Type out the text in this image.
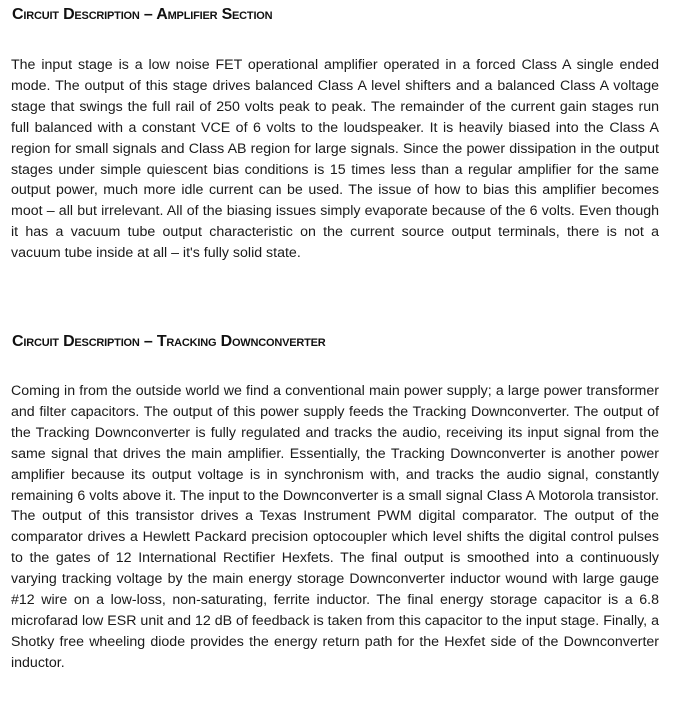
Circuit Description – Amplifier Section

The input stage is a low noise FET operational amplifier operated in a forced Class A single ended mode. The output of this stage drives balanced Class A level shifters and a balanced Class A voltage stage that swings the full rail of 250 volts peak to peak. The remainder of the current gain stages run full balanced with a constant VCE of 6 volts to the loudspeaker. It is heavily biased into the Class A region for small signals and Class AB region for large signals. Since the power dissipation in the output stages under simple quiescent bias conditions is 15 times less than a regular amplifier for the same output power, much more idle current can be used. The issue of how to bias this amplifier becomes moot – all but irrelevant. All of the biasing issues simply evaporate because of the 6 volts. Even though it has a vacuum tube output characteristic on the current source output terminals, there is not a vacuum tube inside at all – it's fully solid state.

Circuit Description – Tracking Downconverter

Coming in from the outside world we find a conventional main power supply; a large power transformer and filter capacitors. The output of this power supply feeds the Tracking Downconverter. The output of the Tracking Downconverter is fully regulated and tracks the audio, receiving its input signal from the same signal that drives the main amplifier. Essentially, the Tracking Downconverter is another power amplifier because its output voltage is in synchronism with, and tracks the audio signal, constantly remaining 6 volts above it. The input to the Downconverter is a small signal Class A Motorola transistor. The output of this transistor drives a Texas Instrument PWM digital comparator. The output of the comparator drives a Hewlett Packard precision optocoupler which level shifts the digital control pulses to the gates of 12 International Rectifier Hexfets. The final output is smoothed into a continuously varying tracking voltage by the main energy storage Downconverter inductor wound with large gauge #12 wire on a low-loss, non-saturating, ferrite inductor. The final energy storage capacitor is a 6.8 microfarad low ESR unit and 12 dB of feedback is taken from this capacitor to the input stage. Finally, a Shotky free wheeling diode provides the energy return path for the Hexfet side of the Downconverter inductor.
